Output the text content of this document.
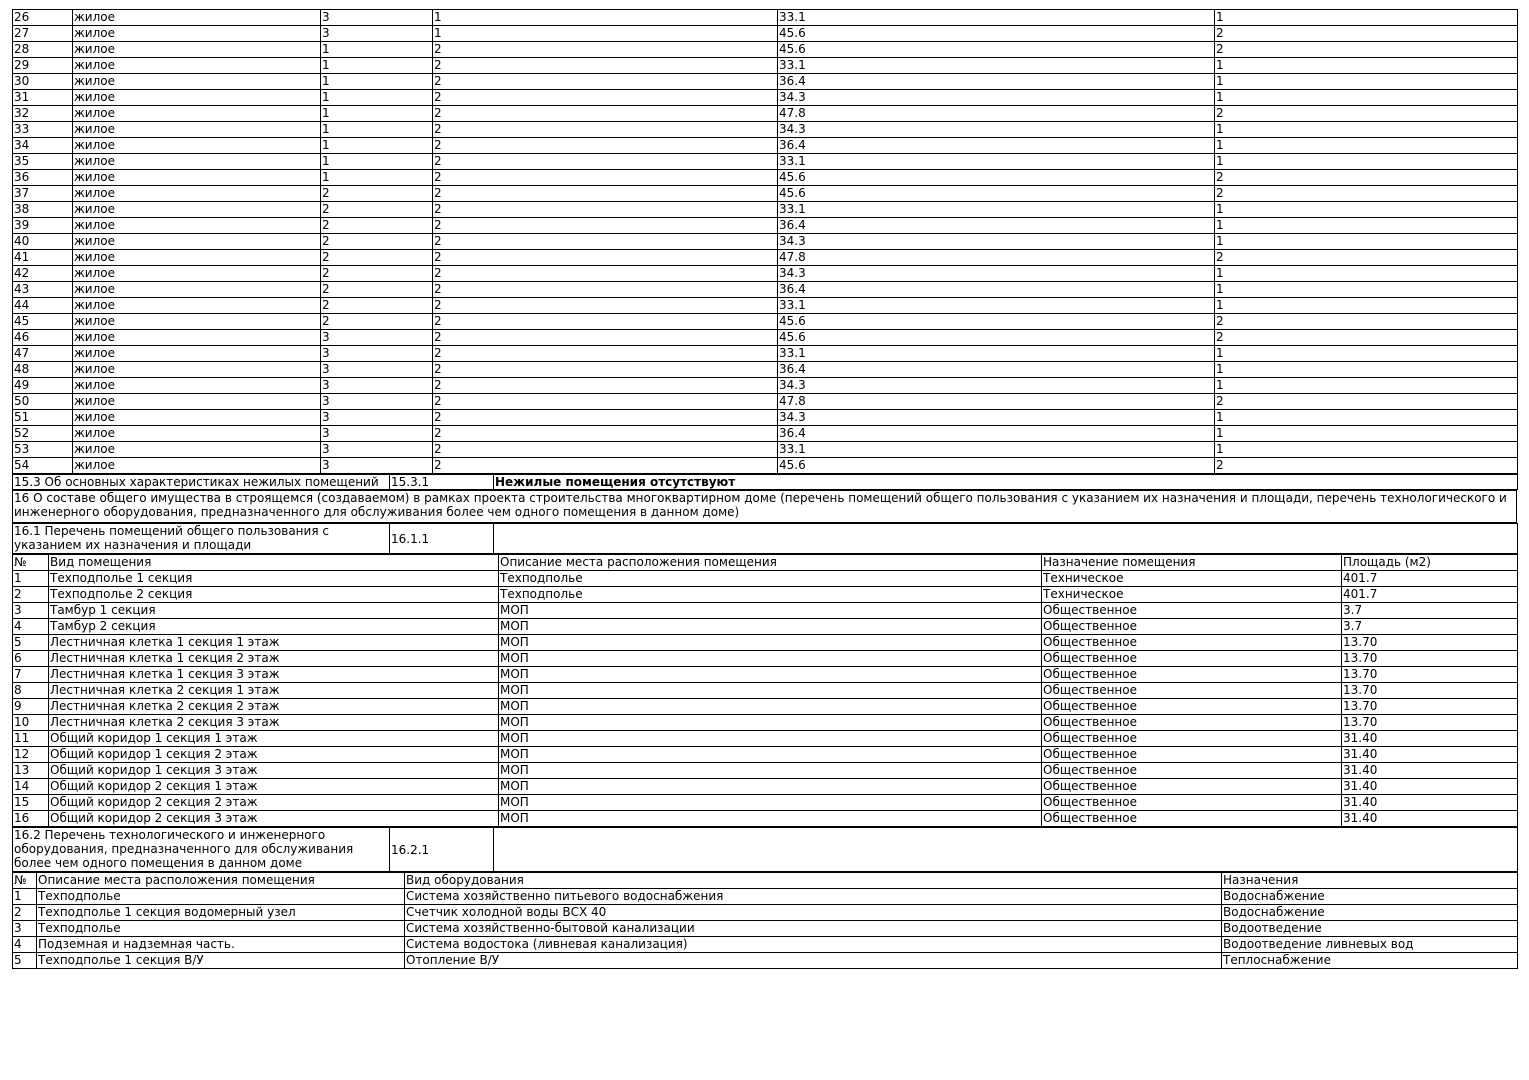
26	жилое	3	1	33.1	1
27	жилое	3	1	45.6	2
28	жилое	1	2	45.6	2
29	жилое	1	2	33.1	1
30	жилое	1	2	36.4	1
31	жилое	1	2	34.3	1
32	жилое	1	2	47.8	2
33	жилое	1	2	34.3	1
34	жилое	1	2	36.4	1
35	жилое	1	2	33.1	1
36	жилое	1	2	45.6	2
37	жилое	2	2	45.6	2
38	жилое	2	2	33.1	1
39	жилое	2	2	36.4	1
40	жилое	2	2	34.3	1
41	жилое	2	2	47.8	2
42	жилое	2	2	34.3	1
43	жилое	2	2	36.4	1
44	жилое	2	2	33.1	1
45	жилое	2	2	45.6	2
46	жилое	3	2	45.6	2
47	жилое	3	2	33.1	1
48	жилое	3	2	36.4	1
49	жилое	3	2	34.3	1
50	жилое	3	2	47.8	2
51	жилое	3	2	34.3	1
52	жилое	3	2	36.4	1
53	жилое	3	2	33.1	1
54	жилое	3	2	45.6	2
15.3 Об основных характеристиках нежилых помещений	15.3.1	Нежилые помещения отсутствуют
16 О составе общего имущества в строящемся (создаваемом) в рамках проекта строительства многоквартирном доме (перечень помещений общего пользования с указанием их назначения и площади, перечень технологического и инженерного оборудования, предназначенного для обслуживания более чем одного помещения в данном доме)
16.1 Перечень помещений общего пользования с указанием их назначения и площади	16.1.1	
№	Вид помещения	Описание места расположения помещения	Назначение помещения	Площадь (м2)
1	Техподполье 1 секция	Техподполье	Техническое	401.7
2	Техподполье 2 секция	Техподполье	Техническое	401.7
3	Тамбур 1 секция	МОП	Общественное	3.7
4	Тамбур 2 секция	МОП	Общественное	3.7
5	Лестничная клетка 1 секция 1 этаж	МОП	Общественное	13.70
6	Лестничная клетка 1 секция 2 этаж	МОП	Общественное	13.70
7	Лестничная клетка 1 секция 3 этаж	МОП	Общественное	13.70
8	Лестничная клетка 2 секция 1 этаж	МОП	Общественное	13.70
9	Лестничная клетка 2 секция 2 этаж	МОП	Общественное	13.70
10	Лестничная клетка 2 секция 3 этаж	МОП	Общественное	13.70
11	Общий коридор 1 секция 1 этаж	МОП	Общественное	31.40
12	Общий коридор 1 секция 2 этаж	МОП	Общественное	31.40
13	Общий коридор 1 секция 3 этаж	МОП	Общественное	31.40
14	Общий коридор 2 секция 1 этаж	МОП	Общественное	31.40
15	Общий коридор 2 секция 2 этаж	МОП	Общественное	31.40
16	Общий коридор 2 секция 3 этаж	МОП	Общественное	31.40
16.2 Перечень технологического и инженерного оборудования, предназначенного для обслуживания более чем одного помещения в данном доме	16.2.1	
№	Описание места расположения помещения	Вид оборудования	Назначения
1	Техподполье	Система хозяйственно питьевого водоснабжения	Водоснабжение
2	Техподполье 1 секция водомерный узел	Счетчик холодной воды ВСХ 40	Водоснабжение
3	Техподполье	Система хозяйственно-бытовой канализации	Водоотведение
4	Подземная и надземная часть.	Система водостока (ливневая канализация)	Водоотведение ливневых вод
5	Техподполье 1 секция В/У	Отопление В/У	Теплоснабжение
